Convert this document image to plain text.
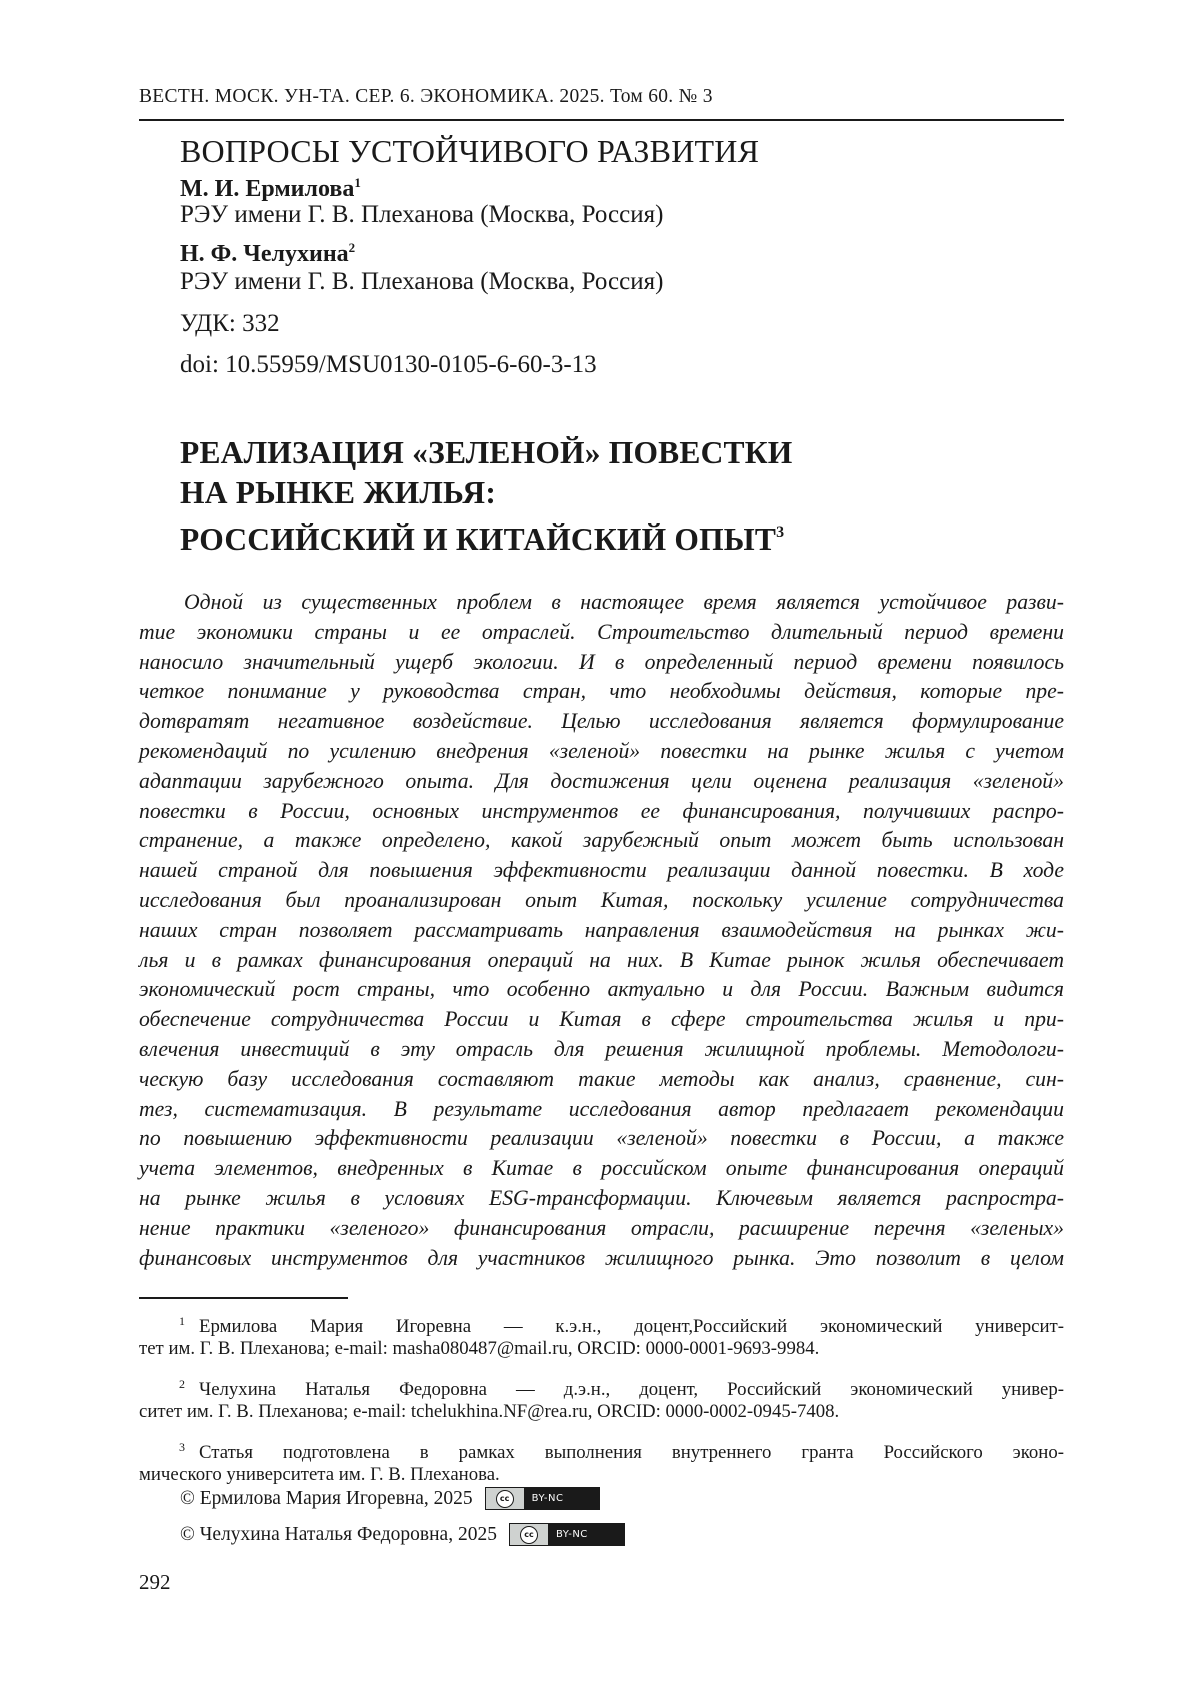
ВЕСТН. МОСК. УН-ТА. СЕР. 6. ЭКОНОМИКА. 2025. Том 60. № 3
ВОПРОСЫ УСТОЙЧИВОГО РАЗВИТИЯ
М. И. Ермилова$^1$
РЭУ имени Г. В. Плеханова (Москва, Россия)
Н. Ф. Челухина$^2$
РЭУ имени Г. В. Плеханова (Москва, Россия)
УДК: 332
doi: 10.55959/MSU0130-0105-6-60-3-13
РЕАЛИЗАЦИЯ «ЗЕЛЕНОЙ» ПОВЕСТКИ
НА РЫНКЕ ЖИЛЬЯ:
РОССИЙСКИЙ И КИТАЙСКИЙ ОПЫТ$^3$
Одной из существенных проблем в настоящее время является устойчивое разви-
тие экономики страны и ее отраслей. Строительство длительный период времени
наносило значительный ущерб экологии. И в определенный период времени появилось
четкое понимание у руководства стран, что необходимы действия, которые пре-
дотвратят негативное воздействие. Целью исследования является формулирование
рекомендаций по усилению внедрения «зеленой» повестки на рынке жилья с учетом
адаптации зарубежного опыта. Для достижения цели оценена реализация «зеленой»
повестки в России, основных инструментов ее финансирования, получивших распро-
странение, а также определено, какой зарубежный опыт может быть использован
нашей страной для повышения эффективности реализации данной повестки. В ходе
исследования был проанализирован опыт Китая, поскольку усиление сотрудничества
наших стран позволяет рассматривать направления взаимодействия на рынках жи-
лья и в рамках финансирования операций на них. В Китае рынок жилья обеспечивает
экономический рост страны, что особенно актуально и для России. Важным видится
обеспечение сотрудничества России и Китая в сфере строительства жилья и при-
влечения инвестиций в эту отрасль для решения жилищной проблемы. Методологи-
ческую базу исследования составляют такие методы как анализ, сравнение, син-
тез, систематизация. В результате исследования автор предлагает рекомендации
по повышению эффективности реализации «зеленой» повестки в России, а также
учета элементов, внедренных в Китае в российском опыте финансирования операций
на рынке жилья в условиях ESG-трансформации. Ключевым является распростра-
нение практики «зеленого» финансирования отрасли, расширение перечня «зеленых»
финансовых инструментов для участников жилищного рынка. Это позволит в целом
$^1$ Ермилова Мария Игоревна — к.э.н., доцент,Российский экономический университ-
тет им. Г. В. Плеханова; e-mail: masha080487@mail.ru, ORCID: 0000-0001-9693-9984.
$^2$ Челухина Наталья Федоровна — д.э.н., доцент, Российский экономический универ-
ситет им. Г. В. Плеханова; e-mail: tchelukhina.NF@rea.ru, ORCID: 0000-0002-0945-7408.
$^3$ Статья подготовлена в рамках выполнения внутреннего гранта Российского эконо-
мического университета им. Г. В. Плеханова.
© Ермилова Мария Игоревна, 2025	cc	BY-NC
© Челухина Наталья Федоровна, 2025	cc	BY-NC
292
